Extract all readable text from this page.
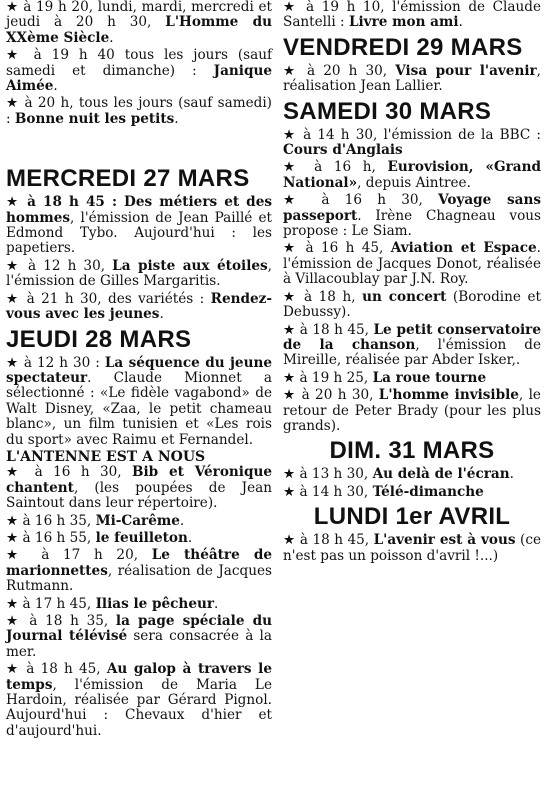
★ à 19 h 20, lundi, mardi, mercredi et jeudi à 20 h 30, L'Homme du XXème Siècle.

★ à 19 h 40 tous les jours (sauf samedi et dimanche) : Janique Aimée.

★ à 20 h, tous les jours (sauf samedi) : Bonne nuit les petits.

MERCREDI 27 MARS

★ à 18 h 45 : Des métiers et des hommes, l'émission de Jean Paillé et Edmond Tybo. Aujourd'hui : les papetiers.

★ à 12 h 30, La piste aux étoiles, l'émission de Gilles Margaritis.

★ à 21 h 30, des variétés : Rendez-vous avec les jeunes.

JEUDI 28 MARS

★ à 12 h 30 : La séquence du jeune spectateur. Claude Mionnet a sélectionné : «Le fidèle vagabond» de Walt Disney, «Zaa, le petit chameau blanc», un film tunisien et «Les rois du sport» avec Raimu et Fernandel.

L'ANTENNE EST A NOUS

★ à 16 h 30, Bib et Véronique chantent, (les poupées de Jean Saintout dans leur répertoire).

★ à 16 h 35, Mi-Carême.

★ à 16 h 55, le feuilleton.

★ à 17 h 20, Le théâtre de marionnettes, réalisation de Jacques Rutmann.

★ à 17 h 45, Ilias le pêcheur.

★ à 18 h 35, la page spéciale du Journal télévisé sera consacrée à la mer.

★ à 18 h 45, Au galop à travers le temps, l'émission de Maria Le Hardoin, réalisée par Gérard Pignol. Aujourd'hui : Chevaux d'hier et d'aujourd'hui.

★ à 19 h 10, l'émission de Claude Santelli : Livre mon ami.

VENDREDI 29 MARS

★ à 20 h 30, Visa pour l'avenir, réalisation Jean Lallier.

SAMEDI 30 MARS

★ à 14 h 30, l'émission de la BBC : Cours d'Anglais

★ à 16 h, Eurovision, «Grand National», depuis Aintree.

★ à 16 h 30, Voyage sans passeport. Irène Chagneau vous propose : Le Siam.

★ à 16 h 45, Aviation et Espace. l'émission de Jacques Donot, réalisée à Villacoublay par J.N. Roy.

★ à 18 h, un concert (Borodine et Debussy).

★ à 18 h 45, Le petit conservatoire de la chanson, l'émission de Mireille, réalisée par Abder Isker,.

★ à 19 h 25, La roue tourne

★ à 20 h 30, L'homme invisible, le retour de Peter Brady (pour les plus grands).

DIM. 31 MARS

★ à 13 h 30, Au delà de l'écran.

★ à 14 h 30, Télé-dimanche

LUNDI 1er AVRIL

★ à 18 h 45, L'avenir est à vous (ce n'est pas un poisson d'avril !...)
